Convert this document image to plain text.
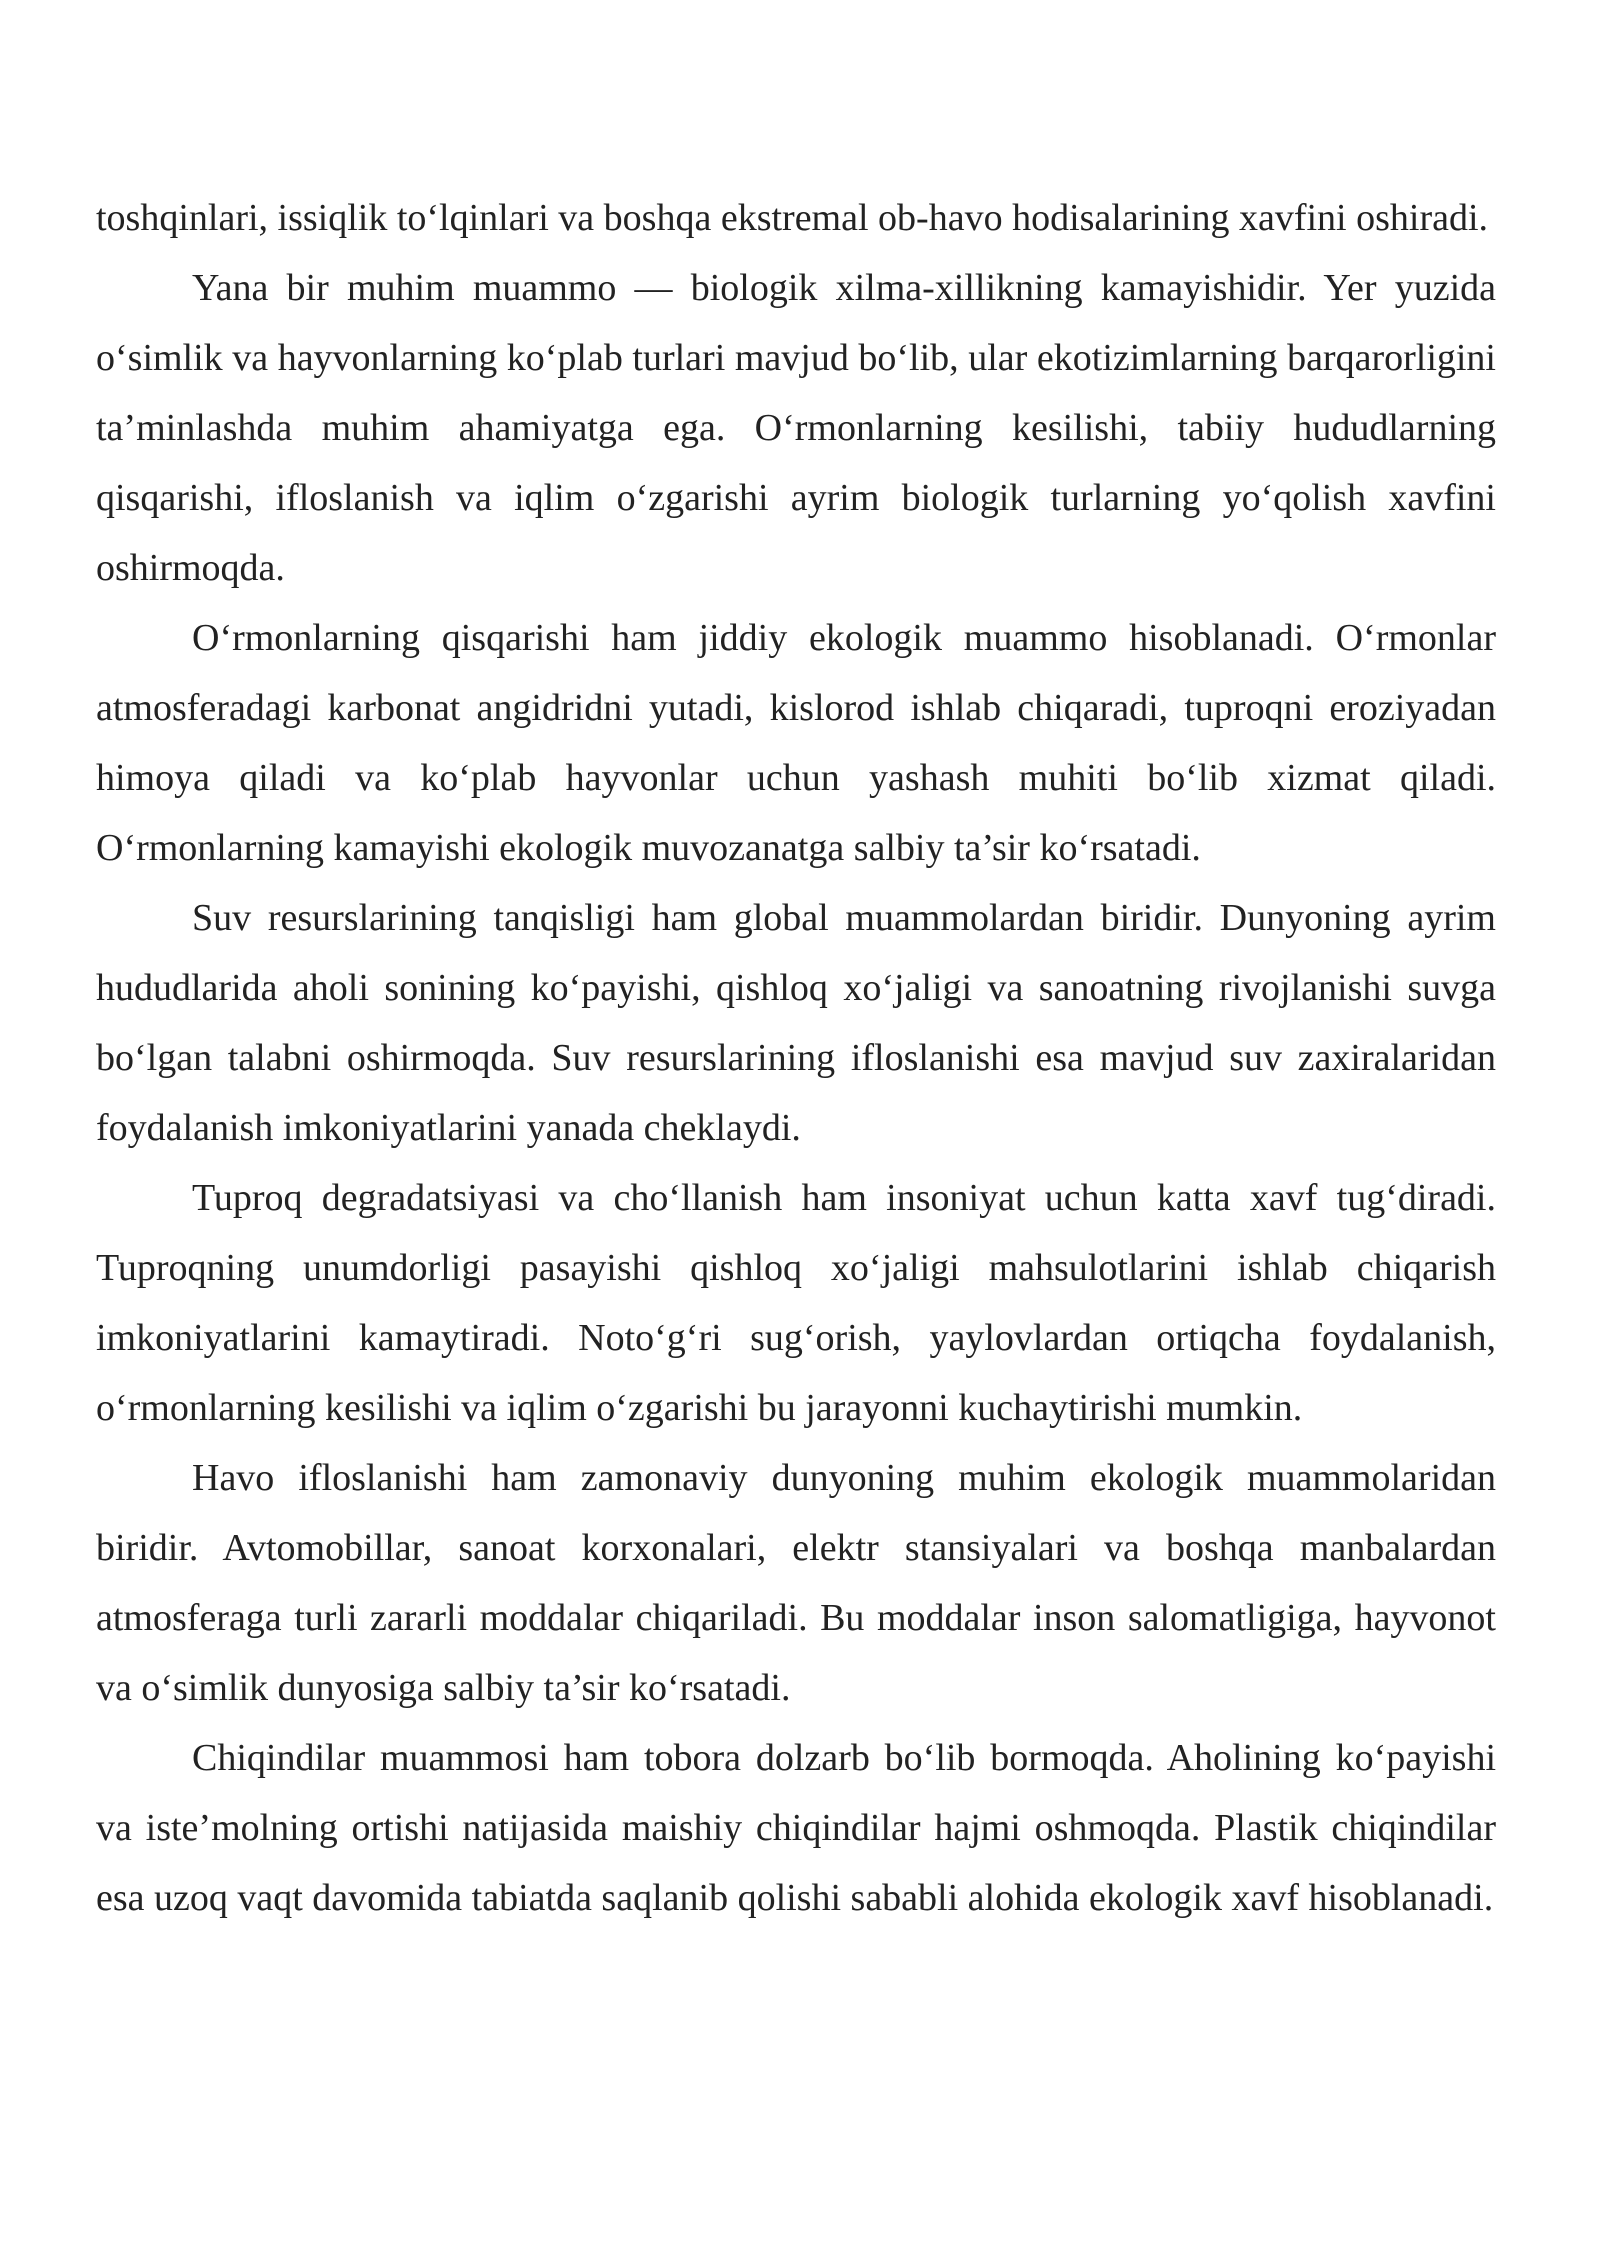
toshqinlari, issiqlik to‘lqinlari va boshqa ekstremal ob-havo hodisalarining xavfini oshiradi.

Yana bir muhim muammo — biologik xilma-xillikning kamayishidir. Yer yuzida o‘simlik va hayvonlarning ko‘plab turlari mavjud bo‘lib, ular ekotizimlarning barqarorligini ta’minlashda muhim ahamiyatga ega. O‘rmonlarning kesilishi, tabiiy hududlarning qisqarishi, ifloslanish va iqlim o‘zgarishi ayrim biologik turlarning yo‘qolish xavfini oshirmoqda.

O‘rmonlarning qisqarishi ham jiddiy ekologik muammo hisoblanadi. O‘rmonlar atmosferadagi karbonat angidridni yutadi, kislorod ishlab chiqaradi, tuproqni eroziyadan himoya qiladi va ko‘plab hayvonlar uchun yashash muhiti bo‘lib xizmat qiladi. O‘rmonlarning kamayishi ekologik muvozanatga salbiy ta’sir ko‘rsatadi.

Suv resurslarining tanqisligi ham global muammolardan biridir. Dunyoning ayrim hududlarida aholi sonining ko‘payishi, qishloq xo‘jaligi va sanoatning rivojlanishi suvga bo‘lgan talabni oshirmoqda. Suv resurslarining ifloslanishi esa mavjud suv zaxiralaridan foydalanish imkoniyatlarini yanada cheklaydi.

Tuproq degradatsiyasi va cho‘llanish ham insoniyat uchun katta xavf tug‘diradi. Tuproqning unumdorligi pasayishi qishloq xo‘jaligi mahsulotlarini ishlab chiqarish imkoniyatlarini kamaytiradi. Noto‘g‘ri sug‘orish, yaylovlardan ortiqcha foydalanish, o‘rmonlarning kesilishi va iqlim o‘zgarishi bu jarayonni kuchaytirishi mumkin.

Havo ifloslanishi ham zamonaviy dunyoning muhim ekologik muammolaridan biridir. Avtomobillar, sanoat korxonalari, elektr stansiyalari va boshqa manbalardan atmosferaga turli zararli moddalar chiqariladi. Bu moddalar inson salomatligiga, hayvonot va o‘simlik dunyosiga salbiy ta’sir ko‘rsatadi.

Chiqindilar muammosi ham tobora dolzarb bo‘lib bormoqda. Aholining ko‘payishi va iste’molning ortishi natijasida maishiy chiqindilar hajmi oshmoqda. Plastik chiqindilar esa uzoq vaqt davomida tabiatda saqlanib qolishi sababli alohida ekologik xavf hisoblanadi.
